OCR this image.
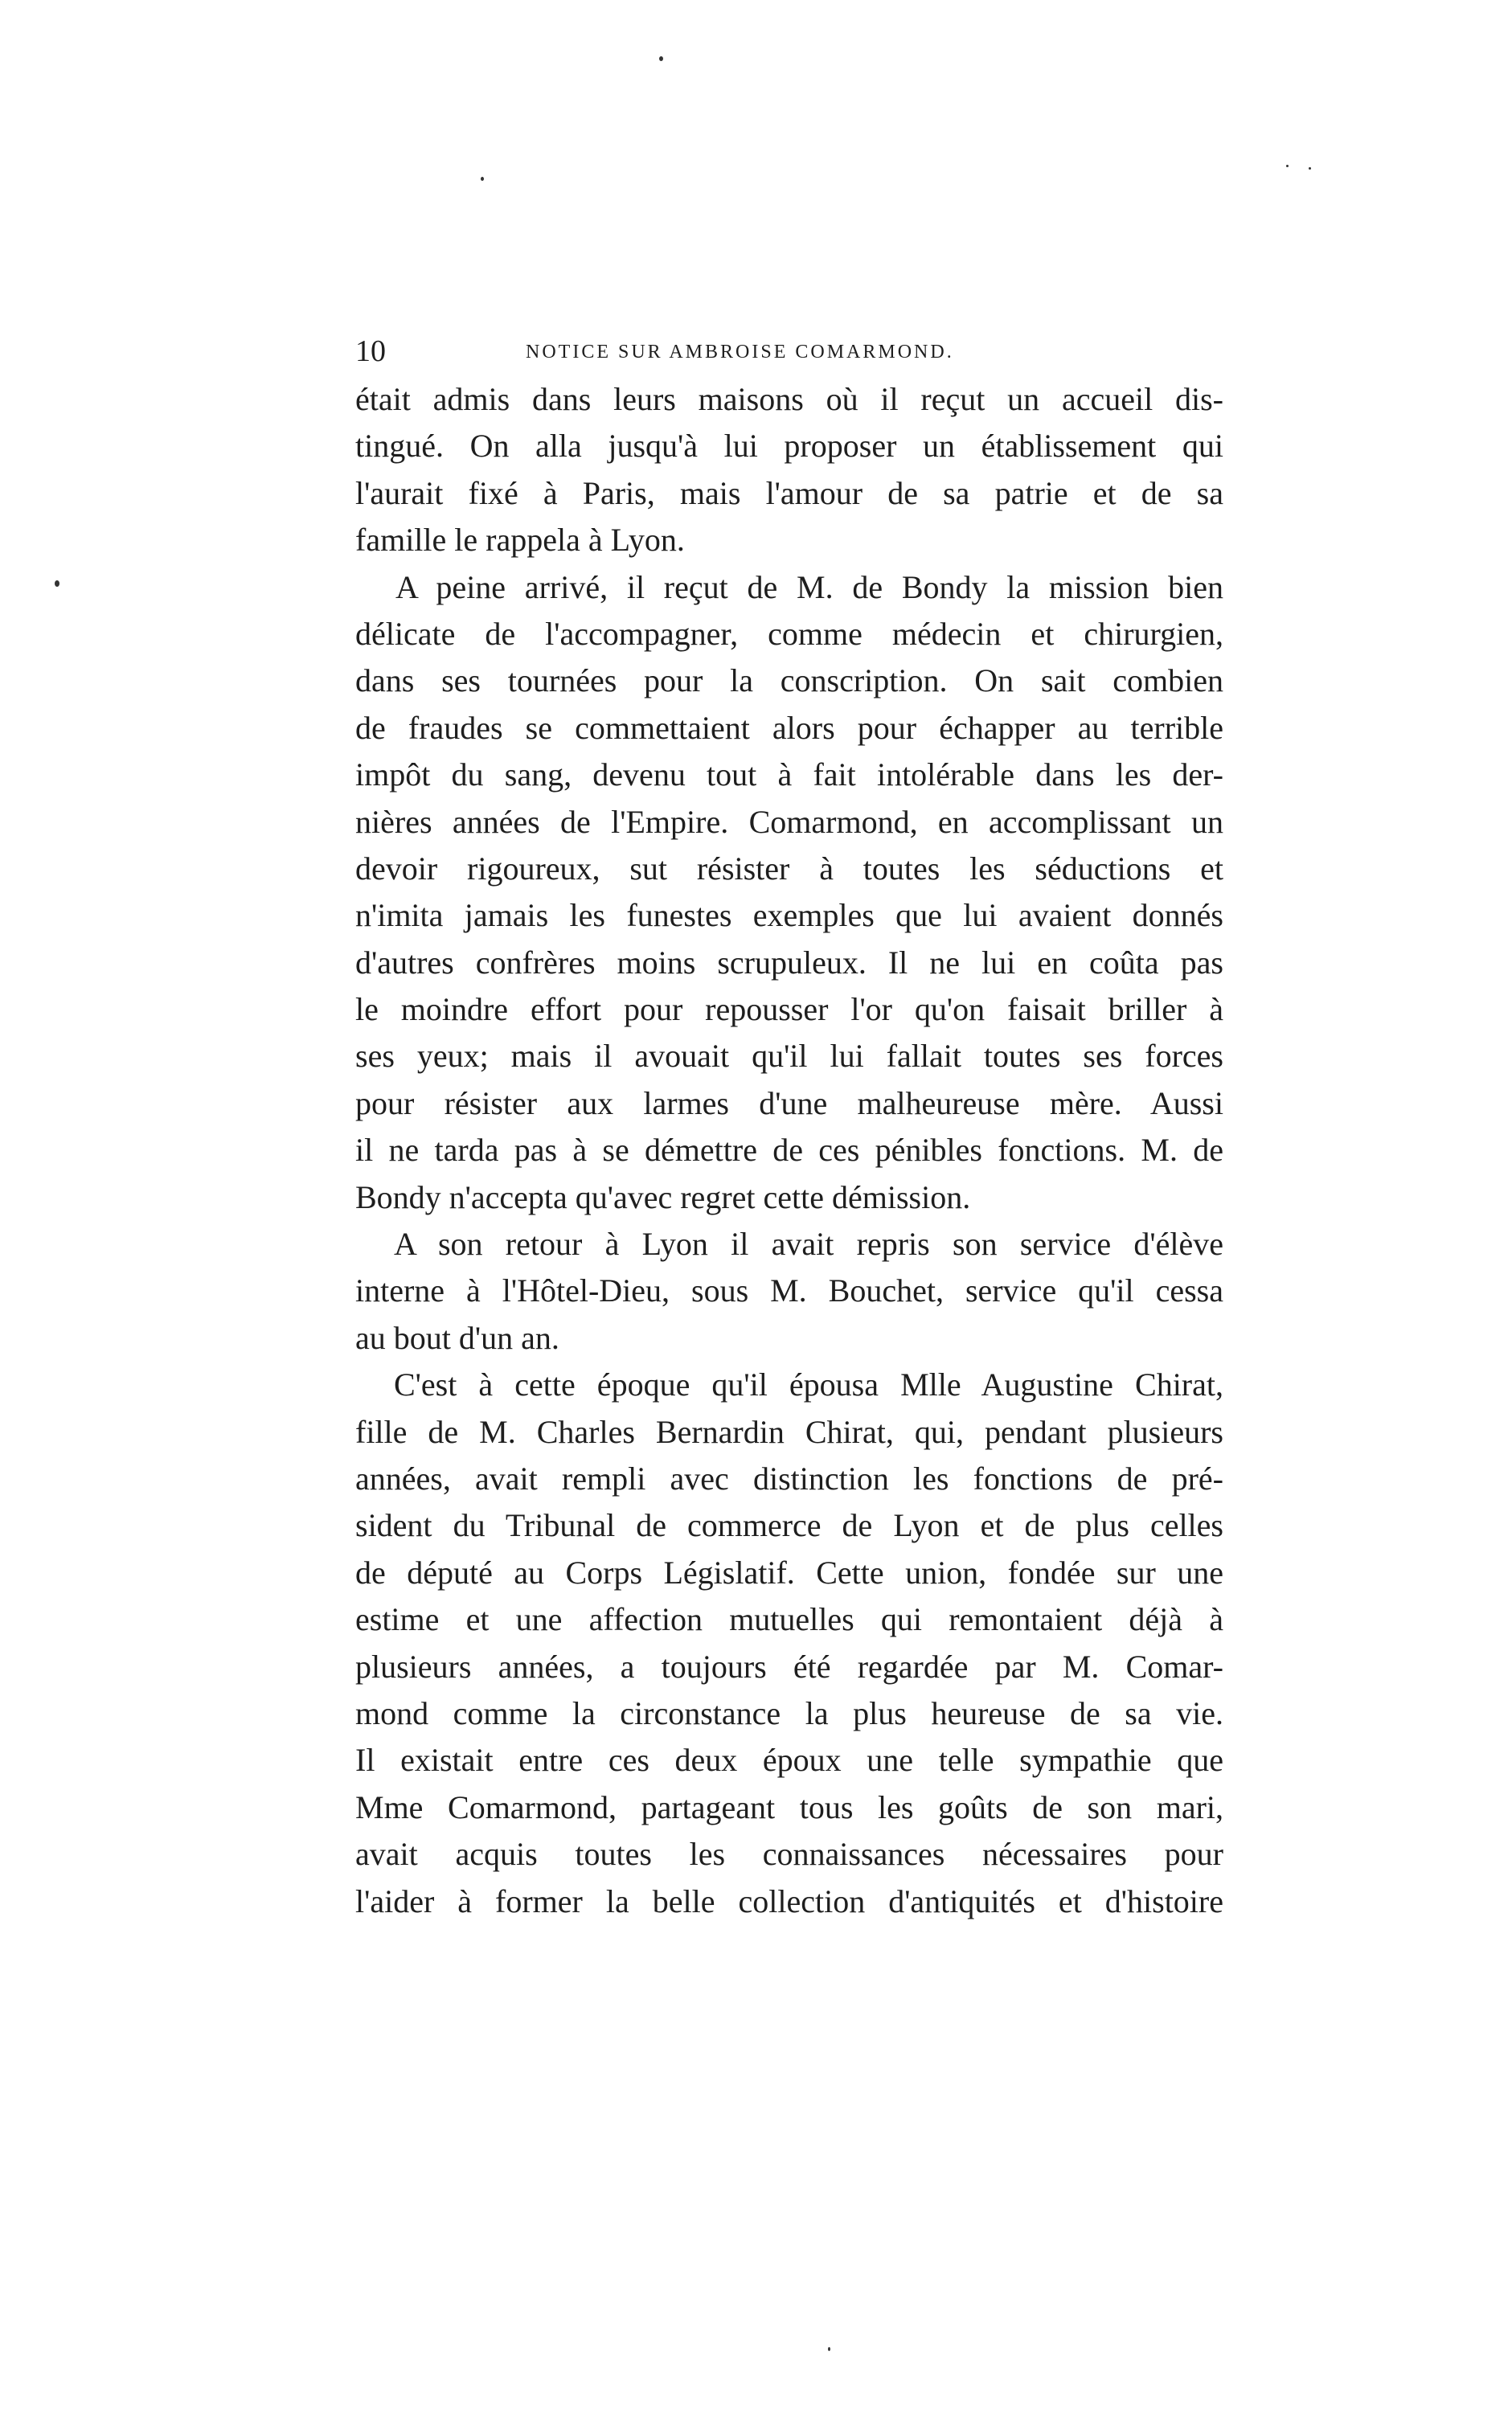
10	NOTICE SUR AMBROISE COMARMOND.
était admis dans leurs maisons où il reçut un accueil dis-
tingué. On alla jusqu'à lui proposer un établissement qui
l'aurait fixé à Paris, mais l'amour de sa patrie et de sa
famille le rappela à Lyon.
A peine arrivé, il reçut de M. de Bondy la mission bien
délicate de l'accompagner, comme médecin et chirurgien,
dans ses tournées pour la conscription. On sait combien
de fraudes se commettaient alors pour échapper au terrible
impôt du sang, devenu tout à fait intolérable dans les der-
nières années de l'Empire. Comarmond, en accomplissant un
devoir rigoureux, sut résister à toutes les séductions et
n'imita jamais les funestes exemples que lui avaient donnés
d'autres confrères moins scrupuleux. Il ne lui en coûta pas
le moindre effort pour repousser l'or qu'on faisait briller à
ses yeux; mais il avouait qu'il lui fallait toutes ses forces
pour résister aux larmes d'une malheureuse mère. Aussi
il ne tarda pas à se démettre de ces pénibles fonctions. M. de
Bondy n'accepta qu'avec regret cette démission.
A son retour à Lyon il avait repris son service d'élève
interne à l'Hôtel-Dieu, sous M. Bouchet, service qu'il cessa
au bout d'un an.
C'est à cette époque qu'il épousa Mlle Augustine Chirat,
fille de M. Charles Bernardin Chirat, qui, pendant plusieurs
années, avait rempli avec distinction les fonctions de pré-
sident du Tribunal de commerce de Lyon et de plus celles
de député au Corps Législatif. Cette union, fondée sur une
estime et une affection mutuelles qui remontaient déjà à
plusieurs années, a toujours été regardée par M. Comar-
mond comme la circonstance la plus heureuse de sa vie.
Il existait entre ces deux époux une telle sympathie que
Mme Comarmond, partageant tous les goûts de son mari,
avait acquis toutes les connaissances nécessaires pour
l'aider à former la belle collection d'antiquités et d'histoire
